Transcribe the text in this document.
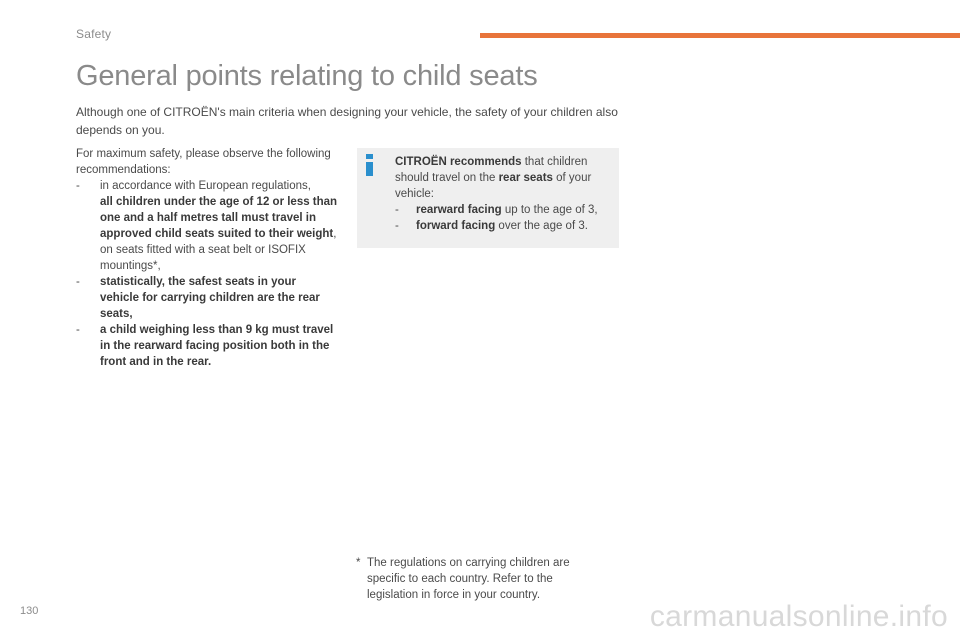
Safety
General points relating to child seats

Although one of CITROËN's main criteria when designing your vehicle, the safety of your children also depends on you.

For maximum safety, please observe the following recommendations:

-	in accordance with European regulations,
all children under the age of 12 or less than one and a half metres tall must travel in approved child seats suited to their weight, on seats fitted with a seat belt or ISOFIX mountings*,
-	statistically, the safest seats in your vehicle for carrying children are the rear seats,
-	a child weighing less than 9 kg must travel in the rearward facing position both in the front and in the rear.

CITROËN recommends that children should travel on the rear seats of your vehicle:

-	rearward facing up to the age of 3,
-	forward facing over the age of 3.
* The regulations on carrying children are specific to each country. Refer to the legislation in force in your country.
130	carmanualsonline.info
